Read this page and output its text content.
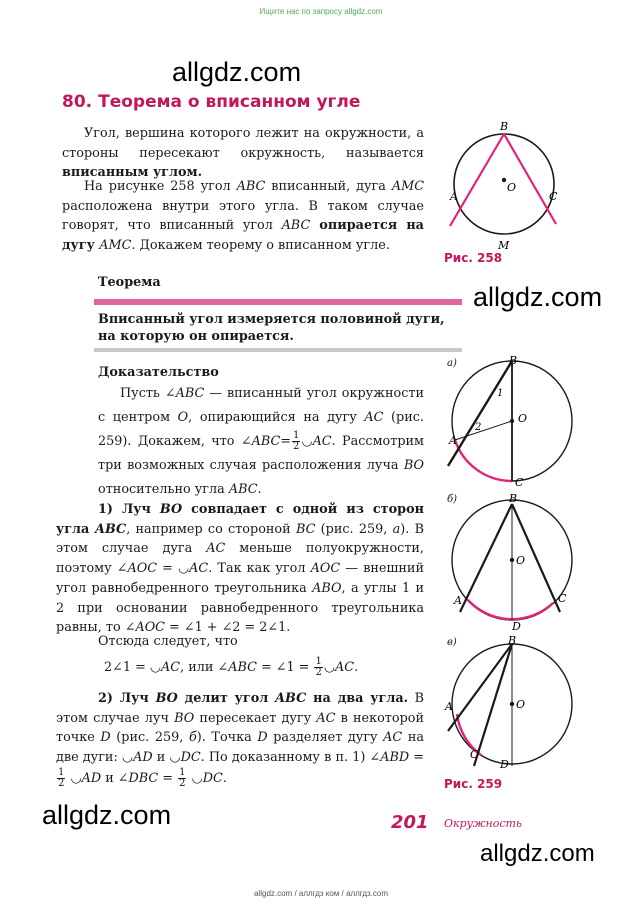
Ищите нас по запросу allgdz.com
allgdz.com
allgdz.com
allgdz.com
allgdz.com
80. Теорема о вписанном угле
Угол, вершина которого лежит на окружности, а стороны пересекают окружность, называется вписанным углом.
На рисунке 258 угол ABC вписанный, дуга AMC расположена внутри этого угла. В таком случае говорят, что вписанный угол ABC опирается на дугу AMC. Докажем теорему о вписанном угле.
Теорема
Вписанный угол измеряется половиной дуги, на которую он опирается.
Доказательство
Пусть ∠ABC — вписанный угол окружности с центром O, опирающийся на дугу AC (рис. 259). Докажем, что ∠ABC= $\frac{1}{2}$ ◡AC. Рассмотрим три возможных случая расположения луча BO относительно угла ABC.
1) Луч BO совпадает с одной из сторон угла ABC, например со стороной BC (рис. 259, а). В этом случае дуга AC меньше полуокружности, поэтому ∠AOC = ◡AC. Так как угол AOC — внешний угол равнобедренного треугольника ABO, а углы 1 и 2 при основании равнобедренного треугольника равны, то ∠AOC = ∠1 + ∠2 = 2∠1.
Отсюда следует, что
2∠1 = ◡AC, или ∠ABC = ∠1 = $\frac{1}{2}$ ◡AC.
2) Луч BO делит угол ABC на два угла. В этом случае луч BO пересекает дугу AC в некоторой точке D (рис. 259, б). Точка D разделяет дугу AC на две дуги: ◡AD и ◡DC. По доказанному в п. 1) ∠ABD =
$\frac{1}{2}$ ◡AD и ∠DBC = $\frac{1}{2}$ ◡DC.
B
A	C
O
M
Рис. 258
а)	B
A
C
O
1
2
б)	B
A	C
O
D
в)	B
A
C
O
D
Рис. 259
201 Окружность
allgdz.com / аллгдз ком / аллгдз.com
